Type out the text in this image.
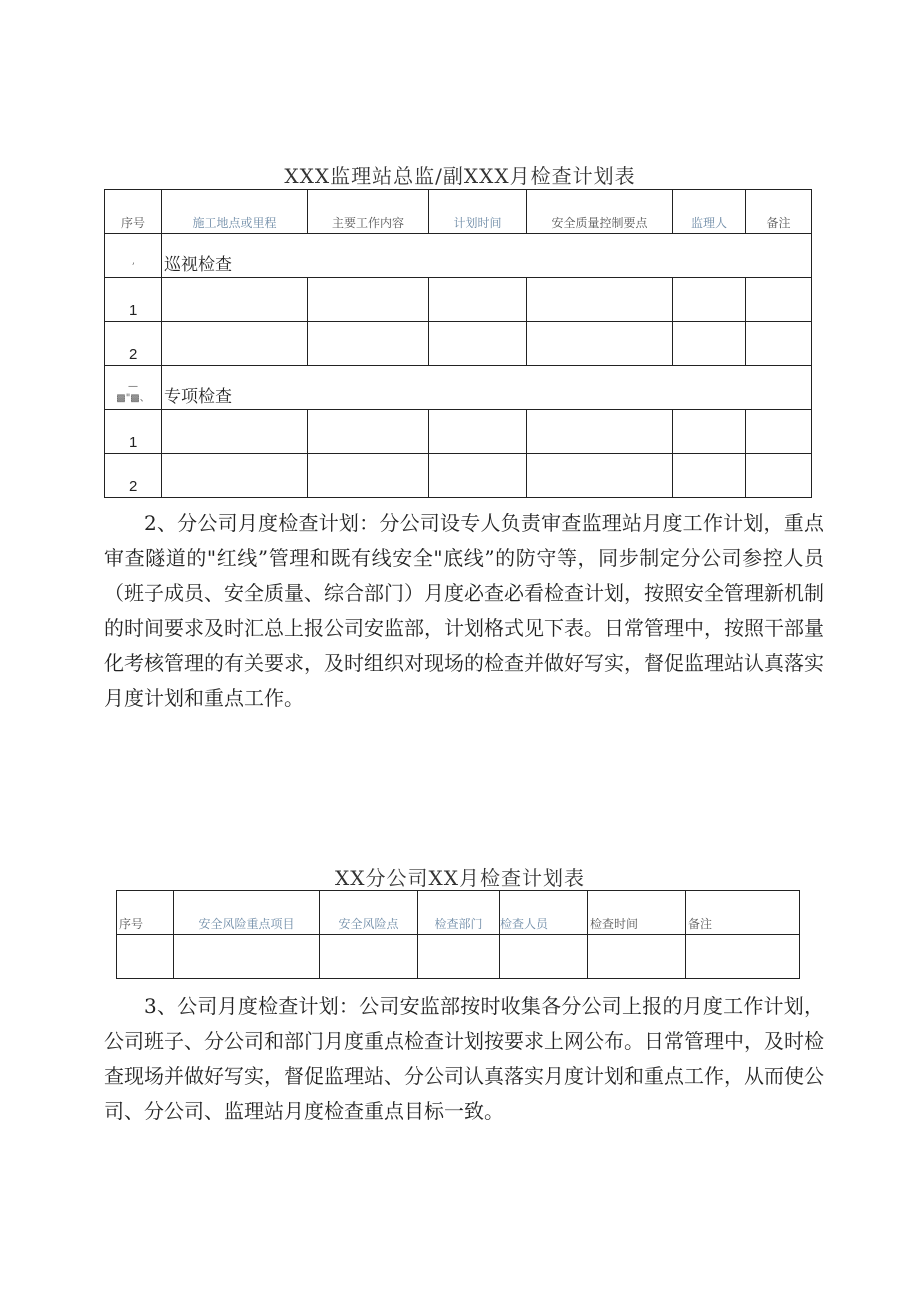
XXX监理站总监/副XXX月检查计划表
序号	施工地点或里程	主要工作内容	计划时间	安全质量控制要点	监理人	备注
ʼ	巡视检查					
1						
2						
—
▩"▩、	专项检查					
1						
2						

2、分公司月度检查计划：分公司设专人负责审查监理站月度工作计划，重点审查隧道的"红线”管理和既有线安全"底线”的防守等，同步制定分公司参控人员（班子成员、安全质量、综合部门）月度必查必看检查计划，按照安全管理新机制的时间要求及时汇总上报公司安监部，计划格式见下表。日常管理中，按照干部量化考核管理的有关要求，及时组织对现场的检查并做好写实，督促监理站认真落实月度计划和重点工作。

XX分公司XX月检查计划表
序号	安全风险重点项目	安全风险点	检查部门	检查人员	检查时间	备注

3、公司月度检查计划：公司安监部按时收集各分公司上报的月度工作计划，公司班子、分公司和部门月度重点检查计划按要求上网公布。日常管理中，及时检查现场并做好写实，督促监理站、分公司认真落实月度计划和重点工作，从而使公司、分公司、监理站月度检查重点目标一致。
